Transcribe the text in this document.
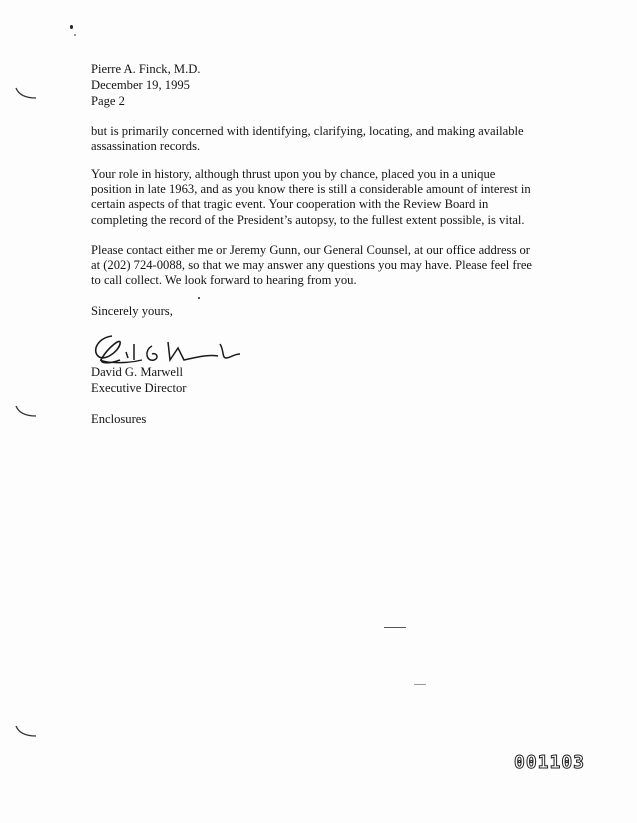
Pierre A. Finck, M.D.
December 19, 1995
Page 2
but is primarily concerned with identifying, clarifying, locating, and making available
assassination records.
Your role in history, although thrust upon you by chance, placed you in a unique
position in late 1963, and as you know there is still a considerable amount of interest in
certain aspects of that tragic event. Your cooperation with the Review Board in
completing the record of the President’s autopsy, to the fullest extent possible, is vital.
Please contact either me or Jeremy Gunn, our General Counsel, at our office address or
at (202) 724-0088, so that we may answer any questions you may have. Please feel free
to call collect. We look forward to hearing from you.
Sincerely yours,
David G. Marwell
Executive Director
Enclosures
001103
